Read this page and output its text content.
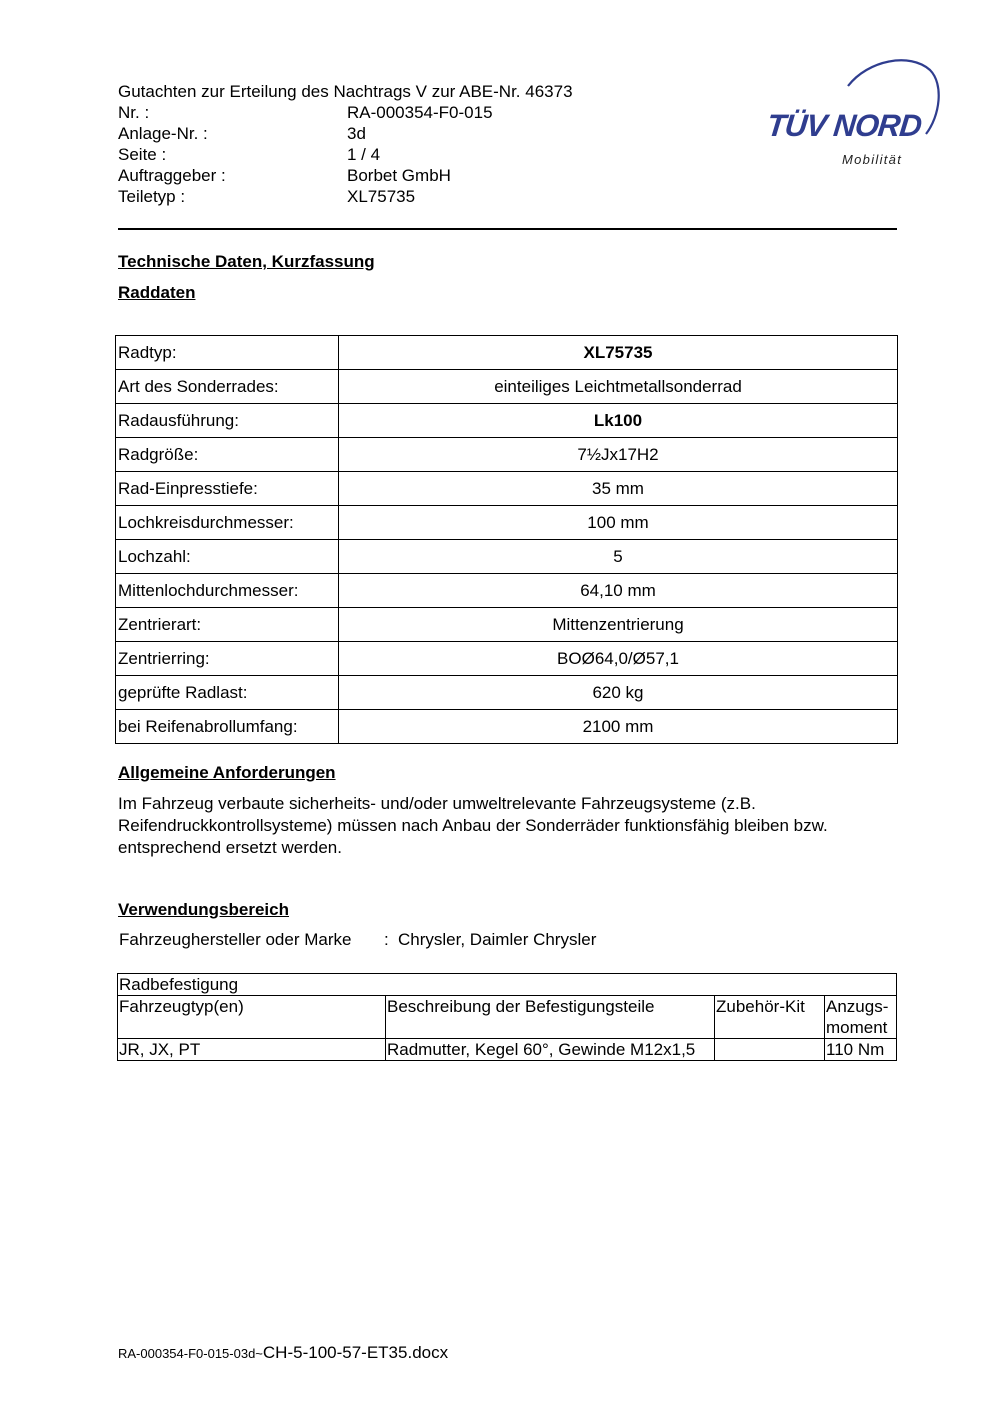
Gutachten zur Erteilung des Nachtrags V zur ABE-Nr. 46373
Nr. :	RA-000354-F0-015
Anlage-Nr. :	3d
Seite :	1 / 4
Auftraggeber :	Borbet GmbH
Teiletyp :	XL75735
TÜV NORD
Mobilität
Technische Daten, Kurzfassung
Raddaten
Radtyp:	XL75735
Art des Sonderrades:	einteiliges Leichtmetallsonderrad
Radausführung:	Lk100
Radgröße:	7½Jx17H2
Rad-Einpresstiefe:	35 mm
Lochkreisdurchmesser:	100 mm
Lochzahl:	5
Mittenlochdurchmesser:	64,10 mm
Zentrierart:	Mittenzentrierung
Zentrierring:	BOØ64,0/Ø57,1
geprüfte Radlast:	620 kg
bei Reifenabrollumfang:	2100 mm
Allgemeine Anforderungen
Im Fahrzeug verbaute sicherheits- und/oder umweltrelevante Fahrzeugsysteme (z.B. Reifendruckkontrollsysteme) müssen nach Anbau der Sonderräder funktionsfähig bleiben bzw. entsprechend ersetzt werden.
Verwendungsbereich
Fahrzeughersteller oder Marke	: Chrysler, Daimler Chrysler
Radbefestigung			
Fahrzeugtyp(en)	Beschreibung der Befestigungsteile	Zubehör-Kit	Anzugs-moment
JR, JX, PT	Radmutter, Kegel 60°, Gewinde M12x1,5		110 Nm
RA-000354-F0-015-03d~CH-5-100-57-ET35.docx
